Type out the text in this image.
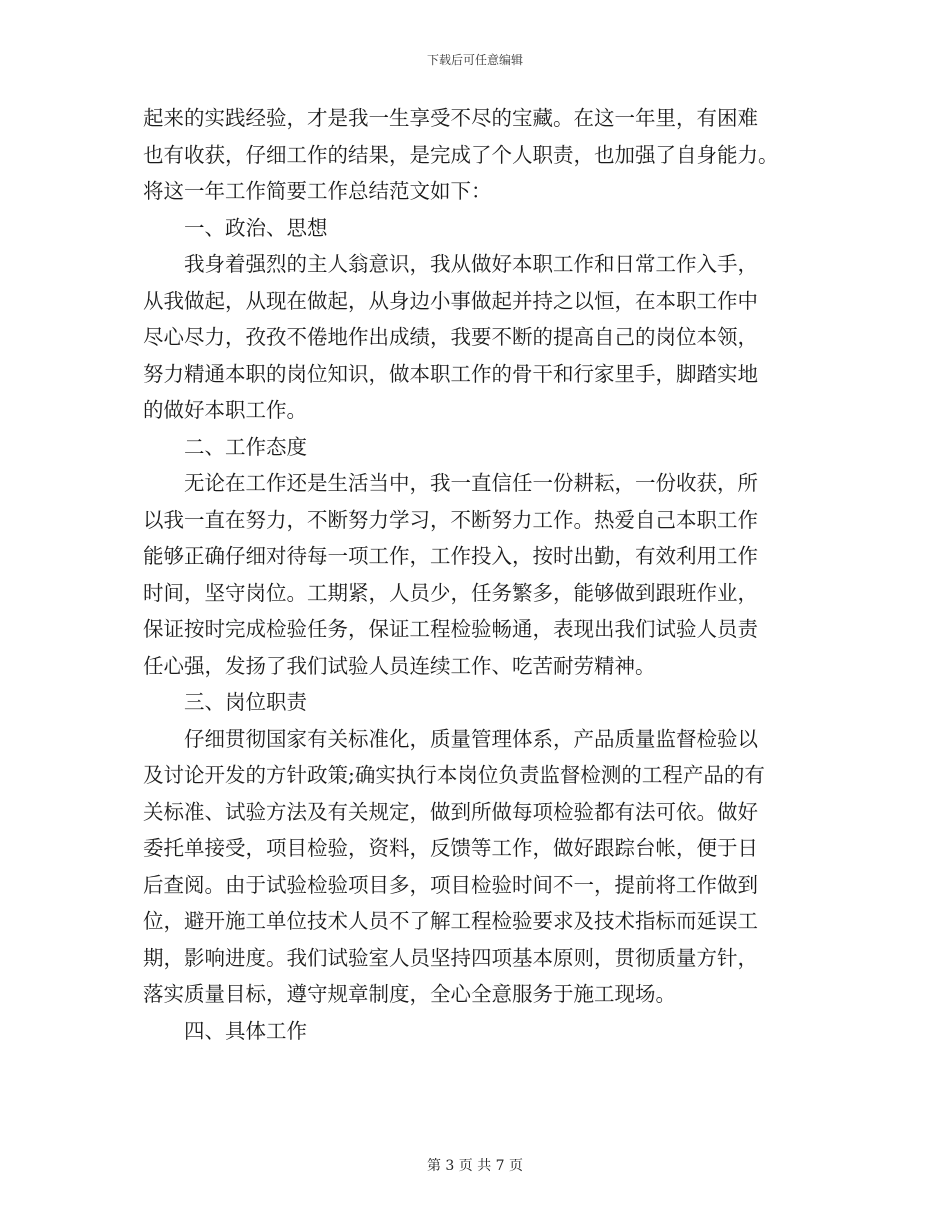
下载后可任意编辑
起来的实践经验，才是我一生享受不尽的宝藏。在这一年里，有困难
也有收获，仔细工作的结果，是完成了个人职责，也加强了自身能力。
将这一年工作简要工作总结范文如下：
一、政治、思想
我身着强烈的主人翁意识，我从做好本职工作和日常工作入手，
从我做起，从现在做起，从身边小事做起并持之以恒，在本职工作中
尽心尽力，孜孜不倦地作出成绩，我要不断的提高自己的岗位本领，
努力精通本职的岗位知识，做本职工作的骨干和行家里手，脚踏实地
的做好本职工作。
二、工作态度
无论在工作还是生活当中，我一直信任一份耕耘，一份收获，所
以我一直在努力，不断努力学习，不断努力工作。热爱自己本职工作
能够正确仔细对待每一项工作，工作投入，按时出勤，有效利用工作
时间，坚守岗位。工期紧，人员少，任务繁多，能够做到跟班作业，
保证按时完成检验任务，保证工程检验畅通，表现出我们试验人员责
任心强，发扬了我们试验人员连续工作、吃苦耐劳精神。
三、岗位职责
仔细贯彻国家有关标准化，质量管理体系，产品质量监督检验以
及讨论开发的方针政策;确实执行本岗位负责监督检测的工程产品的有
关标准、试验方法及有关规定，做到所做每项检验都有法可依。做好
委托单接受，项目检验，资料，反馈等工作，做好跟踪台帐，便于日
后查阅。由于试验检验项目多，项目检验时间不一，提前将工作做到
位，避开施工单位技术人员不了解工程检验要求及技术指标而延误工
期，影响进度。我们试验室人员坚持四项基本原则，贯彻质量方针，
落实质量目标，遵守规章制度，全心全意服务于施工现场。
四、具体工作
第 3 页 共 7 页
